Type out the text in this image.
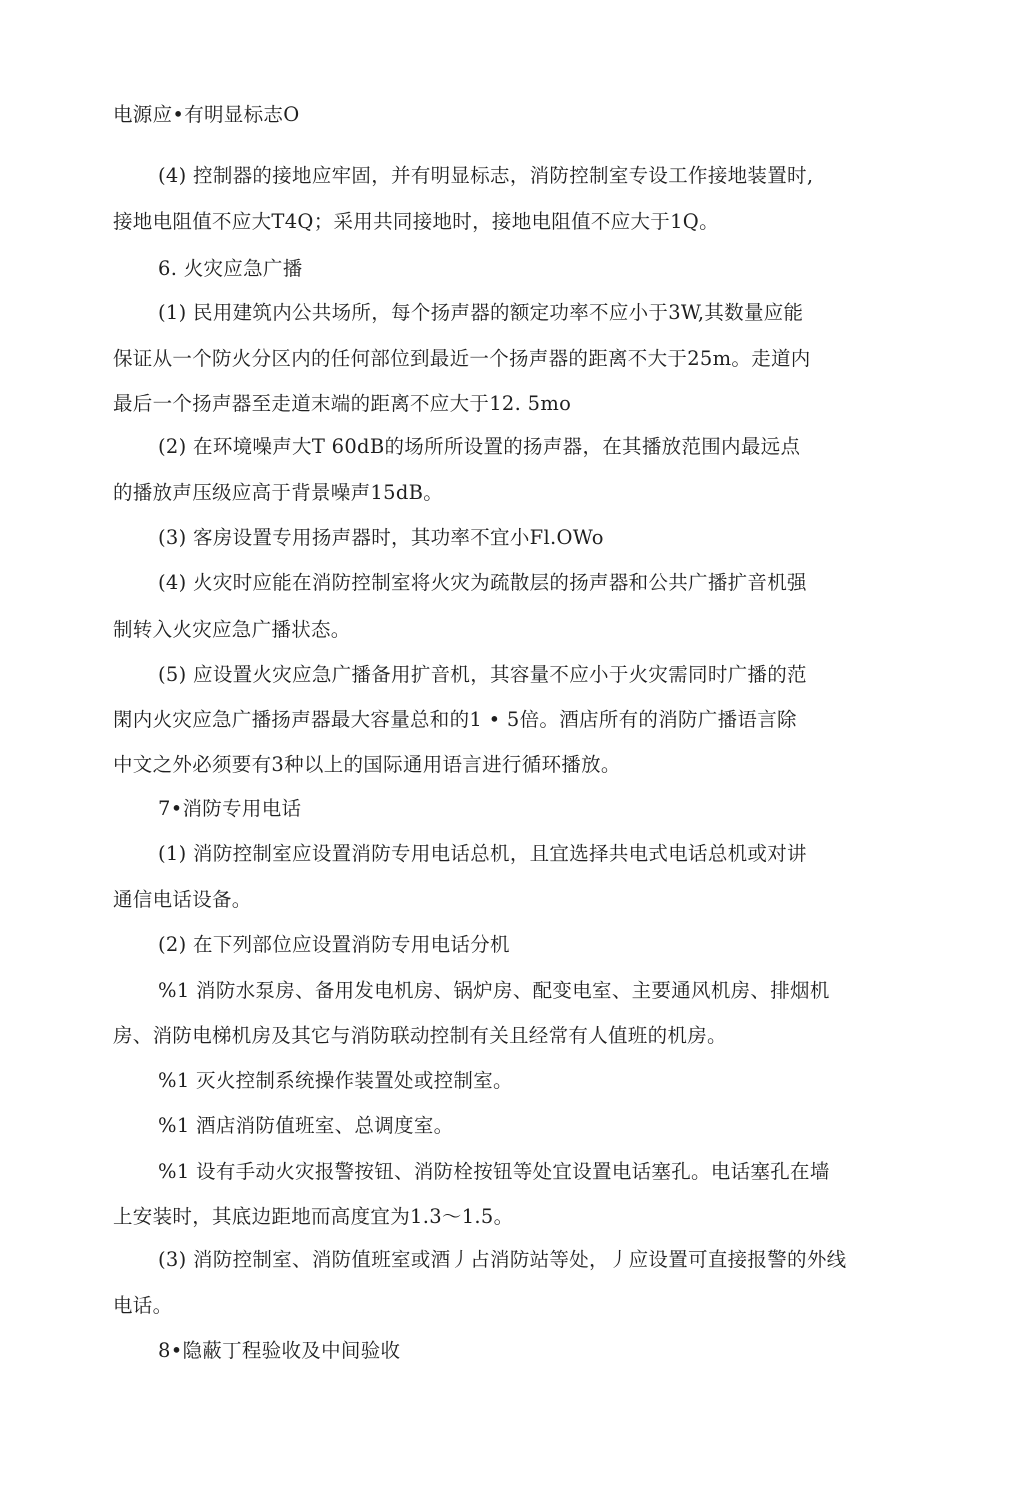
电源应•有明显标志O
(4) 控制器的接地应牢固，并有明显标志，消防控制室专设工作接地装置时,
接地电阻值不应大T4Q；采用共同接地时，接地电阻值不应大于1Q。
6. 火灾应急广播
(1) 民用建筑内公共场所，每个扬声器的额定功率不应小于3W,其数量应能
保证从一个防火分区内的任何部位到最近一个扬声器的距离不大于25m。走道内
最后一个扬声器至走道末端的距离不应大于12. 5mo
(2) 在环境噪声大T 60dB的场所所设置的扬声器，在其播放范围内最远点
的播放声压级应高于背景噪声15dB。
(3) 客房设置专用扬声器时，其功率不宜小Fl.OWo
(4) 火灾时应能在消防控制室将火灾为疏散层的扬声器和公共广播扩音机强
制转入火灾应急广播状态。
(5) 应设置火灾应急广播备用扩音机，其容量不应小于火灾需同时广播的范
閑内火灾应急广播扬声器最大容量总和的1 • 5倍。酒店所有的消防广播语言除
中文之外必须要有3种以上的国际通用语言进行循环播放。
7•消防专用电话
(1) 消防控制室应设置消防专用电话总机，且宜选择共电式电话总机或对讲
通信电话设备。
(2) 在下列部位应设置消防专用电话分机
%1 消防水泵房、备用发电机房、锅炉房、配变电室、主要通风机房、排烟机
房、消防电梯机房及其它与消防联动控制有关且经常有人值班的机房。
%1 灭火控制系统操作装置处或控制室。
%1 酒店消防值班室、总调度室。
%1 设有手动火灾报警按钮、消防栓按钮等处宜设置电话塞孔。电话塞孔在墙
上安装时，其底边距地而高度宜为1.3〜1.5。
(3) 消防控制室、消防值班室或酒丿占消防站等处，丿应设置可直接报警的外线
电话。
8•隐蔽丁程验收及中间验收
